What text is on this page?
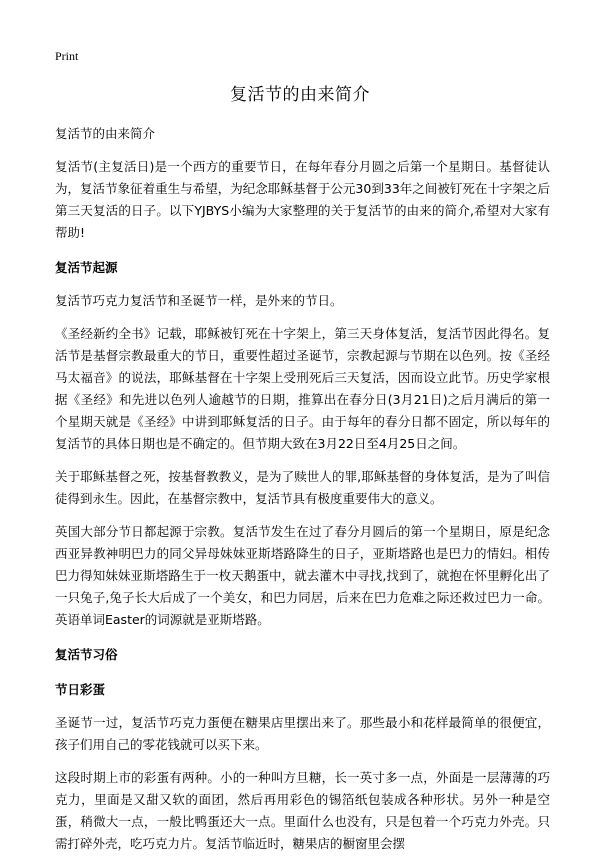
Print
复活节的由来简介

复活节的由来简介

复活节(主复活日)是一个西方的重要节日，在每年春分月圆之后第一个星期日。基督徒认为，复活节象征着重生与希望，为纪念耶稣基督于公元30到33年之间被钉死在十字架之后第三天复活的日子。以下YJBYS小编为大家整理的关于复活节的由来的简介,希望对大家有帮助!

复活节起源

复活节巧克力复活节和圣诞节一样，是外来的节日。

《圣经新约全书》记载，耶稣被钉死在十字架上，第三天身体复活，复活节因此得名。复活节是基督宗教最重大的节日，重要性超过圣诞节，宗教起源与节期在以色列。按《圣经马太福音》的说法，耶稣基督在十字架上受刑死后三天复活，因而设立此节。历史学家根据《圣经》和先进以色列人逾越节的日期，推算出在春分日(3月21日)之后月满后的第一个星期天就是《圣经》中讲到耶稣复活的日子。由于每年的春分日都不固定，所以每年的复活节的具体日期也是不确定的。但节期大致在3月22日至4月25日之间。

关于耶稣基督之死，按基督教教义，是为了赎世人的罪,耶稣基督的身体复活，是为了叫信徒得到永生。因此，在基督宗教中，复活节具有极度重要伟大的意义。

英国大部分节日都起源于宗教。复活节发生在过了春分月圆后的第一个星期日，原是纪念西亚异教神明巴力的同父异母妹妹亚斯塔路降生的日子，亚斯塔路也是巴力的情妇。相传巴力得知妹妹亚斯塔路生于一枚天鹅蛋中，就去灌木中寻找,找到了，就抱在怀里孵化出了一只兔子,兔子长大后成了一个美女，和巴力同居，后来在巴力危难之际还救过巴力一命。英语单词Easter的词源就是亚斯塔路。

复活节习俗
节日彩蛋

圣诞节一过，复活节巧克力蛋便在糖果店里摆出来了。那些最小和花样最简单的很便宜，孩子们用自己的零花钱就可以买下来。

这段时期上市的彩蛋有两种。小的一种叫方旦糖，长一英寸多一点，外面是一层薄薄的巧克力，里面是又甜又软的面团，然后再用彩色的锡箔纸包装成各种形状。另外一种是空蛋，稍微大一点，一般比鸭蛋还大一点。里面什么也没有，只是包着一个巧克力外壳。只需打碎外壳，吃巧克力片。复活节临近时，糖果店的橱窗里会摆
